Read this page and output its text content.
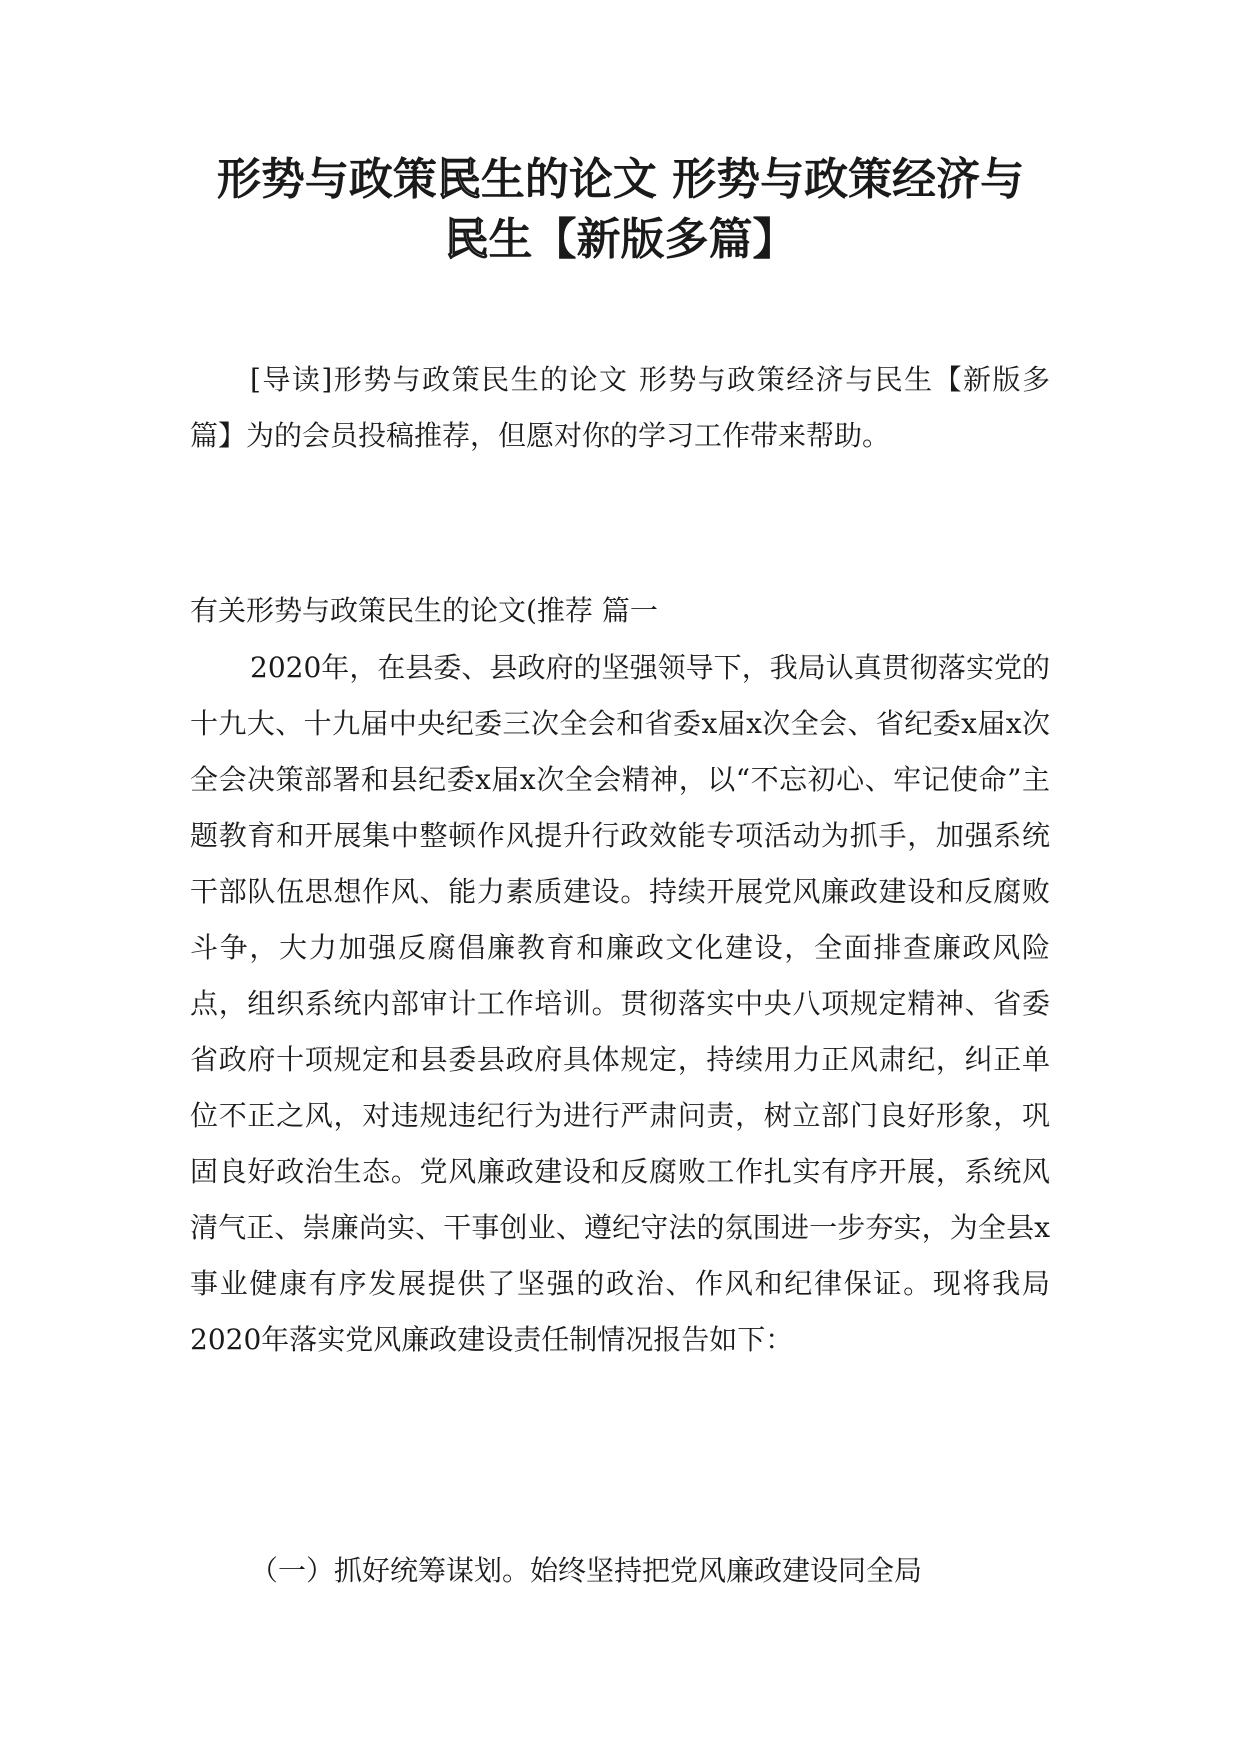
形势与政策民生的论文 形势与政策经济与
民生【新版多篇】

[导读]形势与政策民生的论文 形势与政策经济与民生【新版多篇】为的会员投稿推荐，但愿对你的学习工作带来帮助。

有关形势与政策民生的论文(推荐 篇一

2020年，在县委、县政府的坚强领导下，我局认真贯彻落实党的十九大、十九届中央纪委三次全会和省委x届x次全会、省纪委x届x次全会决策部署和县纪委x届x次全会精神，以“不忘初心、牢记使命”主题教育和开展集中整顿作风提升行政效能专项活动为抓手，加强系统干部队伍思想作风、能力素质建设。持续开展党风廉政建设和反腐败斗争，大力加强反腐倡廉教育和廉政文化建设，全面排查廉政风险点，组织系统内部审计工作培训。贯彻落实中央八项规定精神、省委省政府十项规定和县委县政府具体规定，持续用力正风肃纪，纠正单位不正之风，对违规违纪行为进行严肃问责，树立部门良好形象，巩固良好政治生态。党风廉政建设和反腐败工作扎实有序开展，系统风清气正、崇廉尚实、干事创业、遵纪守法的氛围进一步夯实，为全县x事业健康有序发展提供了坚强的政治、作风和纪律保证。现将我局2020年落实党风廉政建设责任制情况报告如下：

（一）抓好统筹谋划。始终坚持把党风廉政建设同全局
